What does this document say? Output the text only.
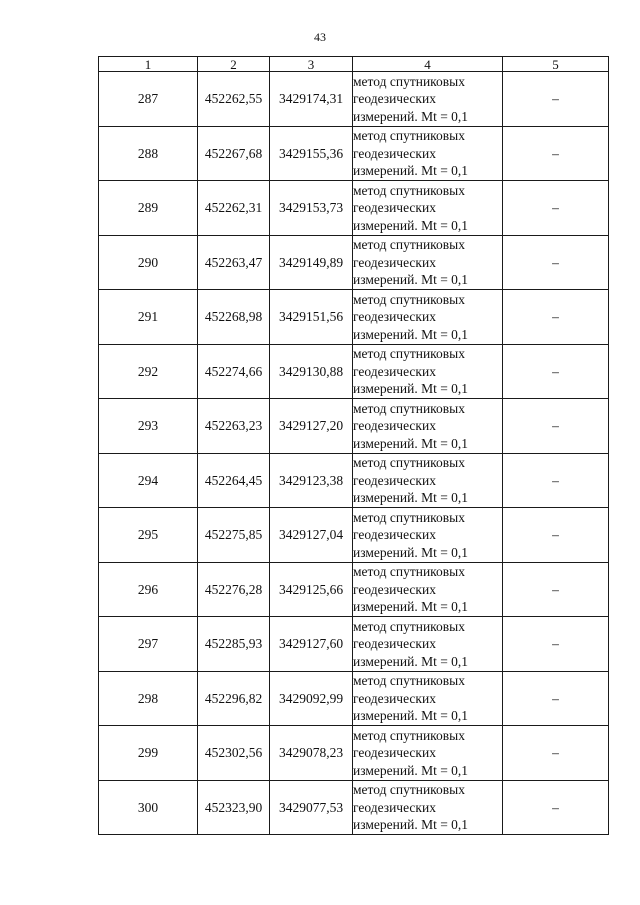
43
1	2	3	4	5
287	452262,55	3429174,31	метод спутниковых
геодезических
измерений. Mt = 0,1	–
288	452267,68	3429155,36	метод спутниковых
геодезических
измерений. Mt = 0,1	–
289	452262,31	3429153,73	метод спутниковых
геодезических
измерений. Mt = 0,1	–
290	452263,47	3429149,89	метод спутниковых
геодезических
измерений. Mt = 0,1	–
291	452268,98	3429151,56	метод спутниковых
геодезических
измерений. Mt = 0,1	–
292	452274,66	3429130,88	метод спутниковых
геодезических
измерений. Mt = 0,1	–
293	452263,23	3429127,20	метод спутниковых
геодезических
измерений. Mt = 0,1	–
294	452264,45	3429123,38	метод спутниковых
геодезических
измерений. Mt = 0,1	–
295	452275,85	3429127,04	метод спутниковых
геодезических
измерений. Mt = 0,1	–
296	452276,28	3429125,66	метод спутниковых
геодезических
измерений. Mt = 0,1	–
297	452285,93	3429127,60	метод спутниковых
геодезических
измерений. Mt = 0,1	–
298	452296,82	3429092,99	метод спутниковых
геодезических
измерений. Mt = 0,1	–
299	452302,56	3429078,23	метод спутниковых
геодезических
измерений. Mt = 0,1	–
300	452323,90	3429077,53	метод спутниковых
геодезических
измерений. Mt = 0,1	–
